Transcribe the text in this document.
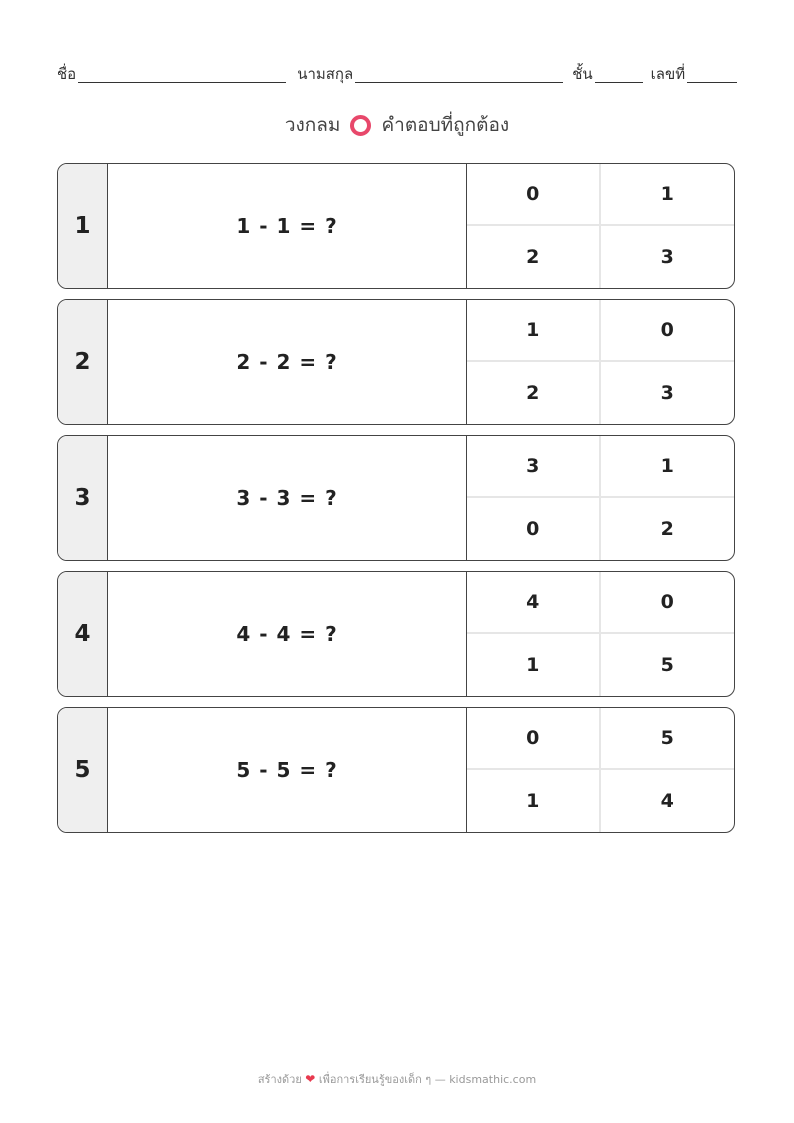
ชื่อ	นามสกุล	ชั้น	เลขที่
วงกลม คำตอบที่ถูกต้อง
1	1 - 1 = ?
0	1
2	3
2	2 - 2 = ?
1	0
2	3
3	3 - 3 = ?
3	1
0	2
4	4 - 4 = ?
4	0
1	5
5	5 - 5 = ?
0	5
1	4
สร้างด้วย ❤ เพื่อการเรียนรู้ของเด็ก ๆ — kidsmathic.com
